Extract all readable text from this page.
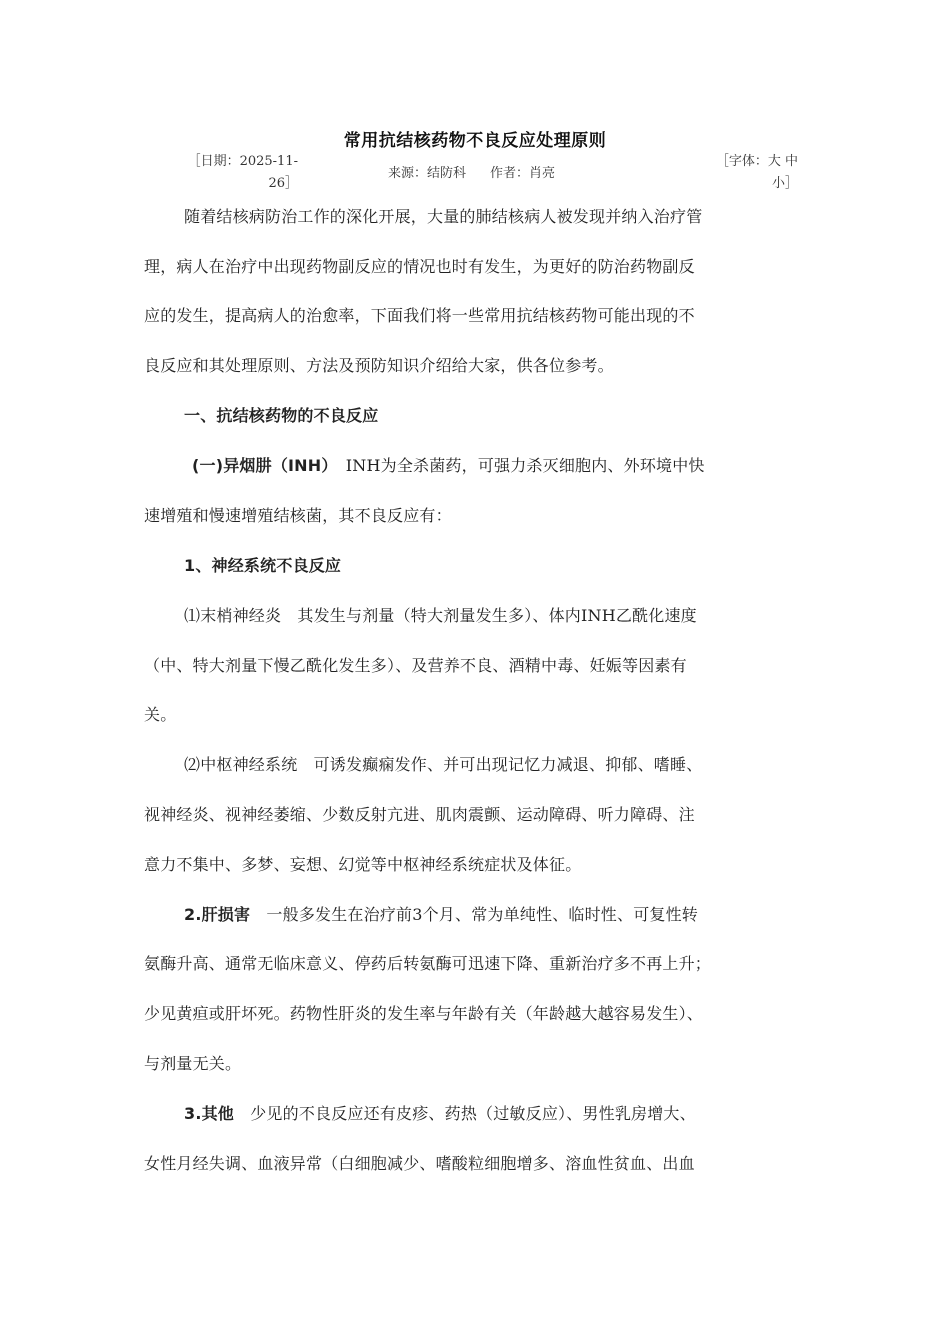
常用抗结核药物不良反应处理原则
［日期：2025-11-
26］
来源：结防科 作者：肖亮
［字体：大 中
小］
随着结核病防治工作的深化开展，大量的肺结核病人被发现并纳入治疗管
理，病人在治疗中出现药物副反应的情况也时有发生，为更好的防治药物副反
应的发生，提高病人的治愈率，下面我们将一些常用抗结核药物可能出现的不
良反应和其处理原则、方法及预防知识介绍给大家，供各位参考。
一、抗结核药物的不良反应
(一)异烟肼（INH）　INH为全杀菌药，可强力杀灭细胞内、外环境中快
速增殖和慢速增殖结核菌，其不良反应有：
1、神经系统不良反应
⑴末梢神经炎　其发生与剂量（特大剂量发生多）、体内INH乙酰化速度
（中、特大剂量下慢乙酰化发生多）、及营养不良、酒精中毒、妊娠等因素有
关。
⑵中枢神经系统　可诱发癫痫发作、并可出现记忆力减退、抑郁、嗜睡、
视神经炎、视神经萎缩、少数反射亢进、肌肉震颤、运动障碍、听力障碍、注
意力不集中、多梦、妄想、幻觉等中枢神经系统症状及体征。
2.肝损害　一般多发生在治疗前3个月、常为单纯性、临时性、可复性转
氨酶升高、通常无临床意义、停药后转氨酶可迅速下降、重新治疗多不再上升；
少见黄疸或肝坏死。药物性肝炎的发生率与年龄有关（年龄越大越容易发生）、
与剂量无关。
3.其他　少见的不良反应还有皮疹、药热（过敏反应）、男性乳房增大、
女性月经失调、血液异常（白细胞减少、嗜酸粒细胞增多、溶血性贫血、出血
